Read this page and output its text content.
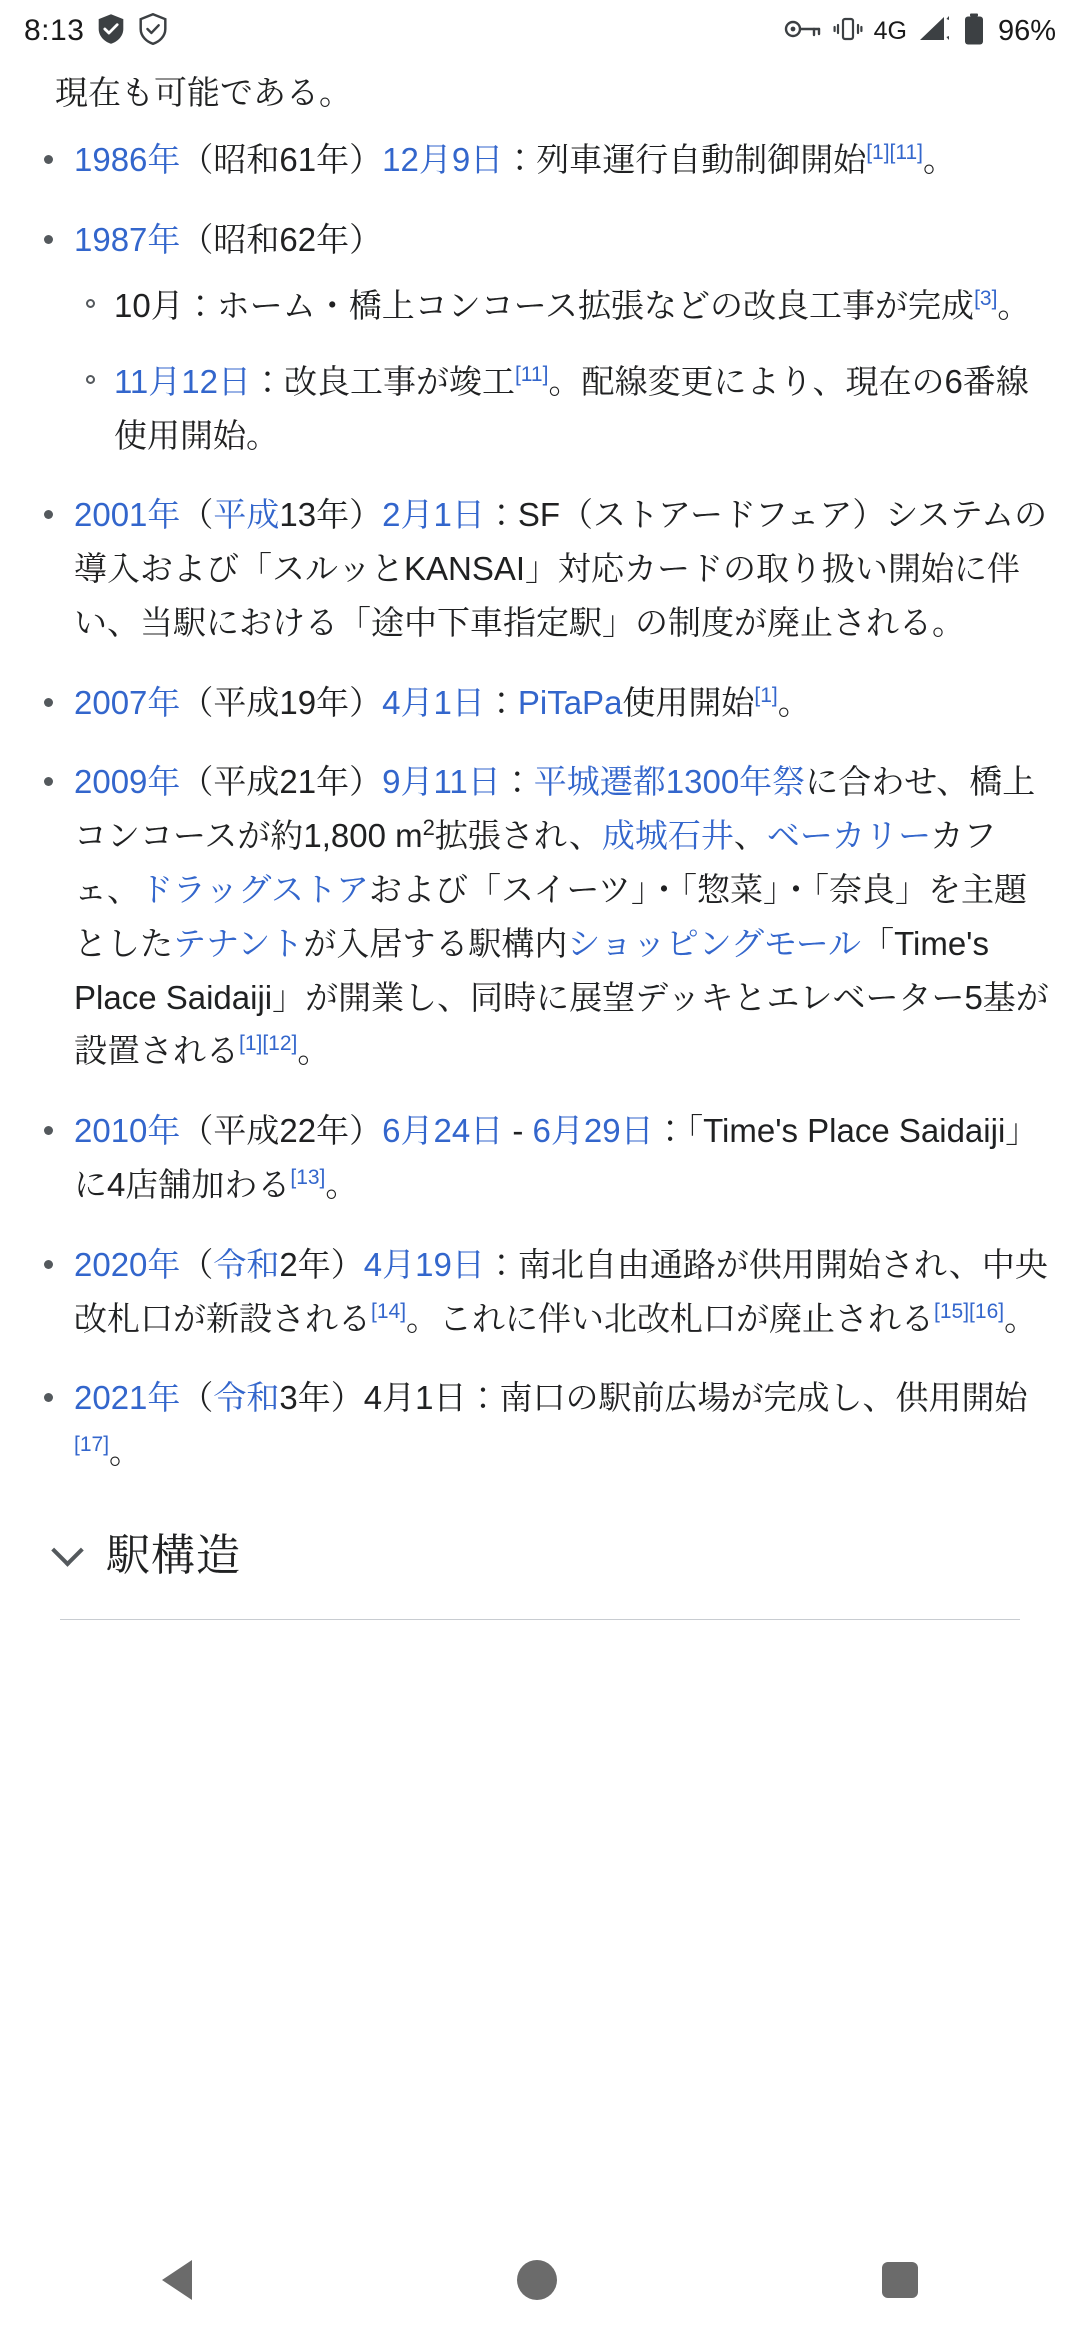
8:13	4G	96%
現在も可能である。
1986年（昭和61年）12月9日：列車運行自動制御開始[1][11]。
1987年（昭和62年）
10月：ホーム・橋上コンコース拡張などの改良工事が完成[3]。
11月12日：改良工事が竣工[11]。配線変更により、現在の6番線使用開始。
2001年（平成13年）2月1日：SF（ストアードフェア）システムの導入および「スルッとKANSAI」対応カードの取り扱い開始に伴い、当駅における「途中下車指定駅」の制度が廃止される。
2007年（平成19年）4月1日：PiTaPa使用開始[1]。
2009年（平成21年）9月11日：平城遷都1300年祭に合わせ、橋上コンコースが約1,800 $m^2$拡張され、成城石井、ベーカリーカフェ、ドラッグストアおよび「スイーツ」・「惣菜」・「奈良」を主題としたテナントが入居する駅構内ショッピングモール「Time's Place Saidaiji」が開業し、同時に展望デッキとエレベーター5基が設置される[1][12]。
2010年（平成22年）6月24日 - 6月29日：「Time's Place Saidaiji」に4店舗加わる[13]。
2020年（令和2年）4月19日：南北自由通路が供用開始され、中央改札口が新設される[14]。これに伴い北改札口が廃止される[15][16]。
2021年（令和3年）4月1日：南口の駅前広場が完成し、供用開始[17]。
駅構造
